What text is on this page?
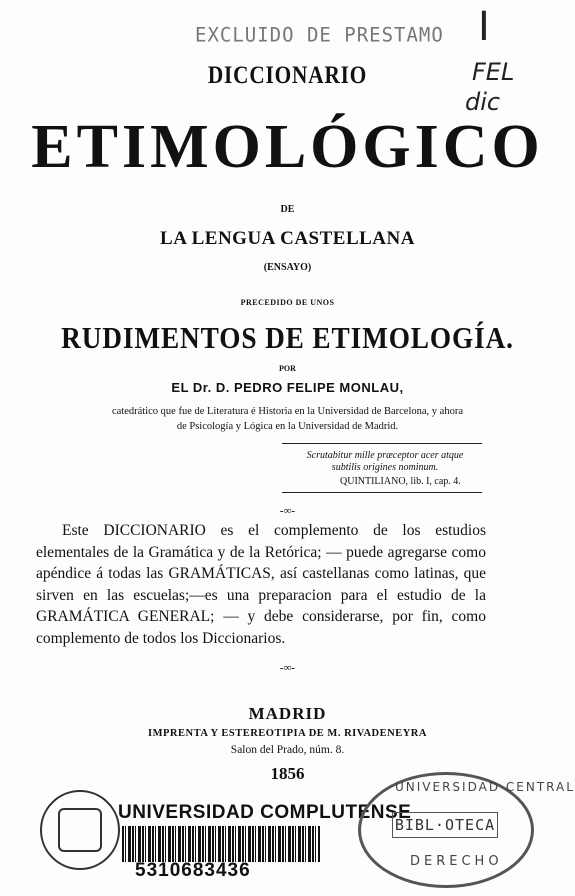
EXCLUIDO DE PRESTAMO I
FEL
dic
DICCIONARIO
ETIMOLÓGICO
DE
LA LENGUA CASTELLANA
(ENSAYO)
PRECEDIDO DE UNOS
RUDIMENTOS DE ETIMOLOGÍA.
POR
EL Dr. D. PEDRO FELIPE MONLAU,
catedrático que fue de Literatura é Historia en la Universidad de Barcelona, y ahora
de Psicología y Lógica en la Universidad de Madrid.
Scrutabitur mille præceptor acer atque
subtilis origines nominum.
QUINTILIANO, lib. I, cap. 4.
-∞-

Este DICCIONARIO es el complemento de los estudios elementales de la Gramática y de la Retórica; — puede agregarse como apéndice á todas las GRAMÁTICAS, así castellanas como latinas, que sirven en las escuelas;—es una preparacion para el estudio de la GRAMÁTICA GENERAL; — y debe considerarse, por fin, como complemento de todos los Diccionarios.

-∞-
MADRID
IMPRENTA Y ESTEREOTIPIA DE M. RIVADENEYRA
Salon del Prado, núm. 8.
1856
UNIVERSIDAD COMPLUTENSE
5310683436
UNIVERSIDAD CENTRAL
BIBL·OTECA
DERECHO
